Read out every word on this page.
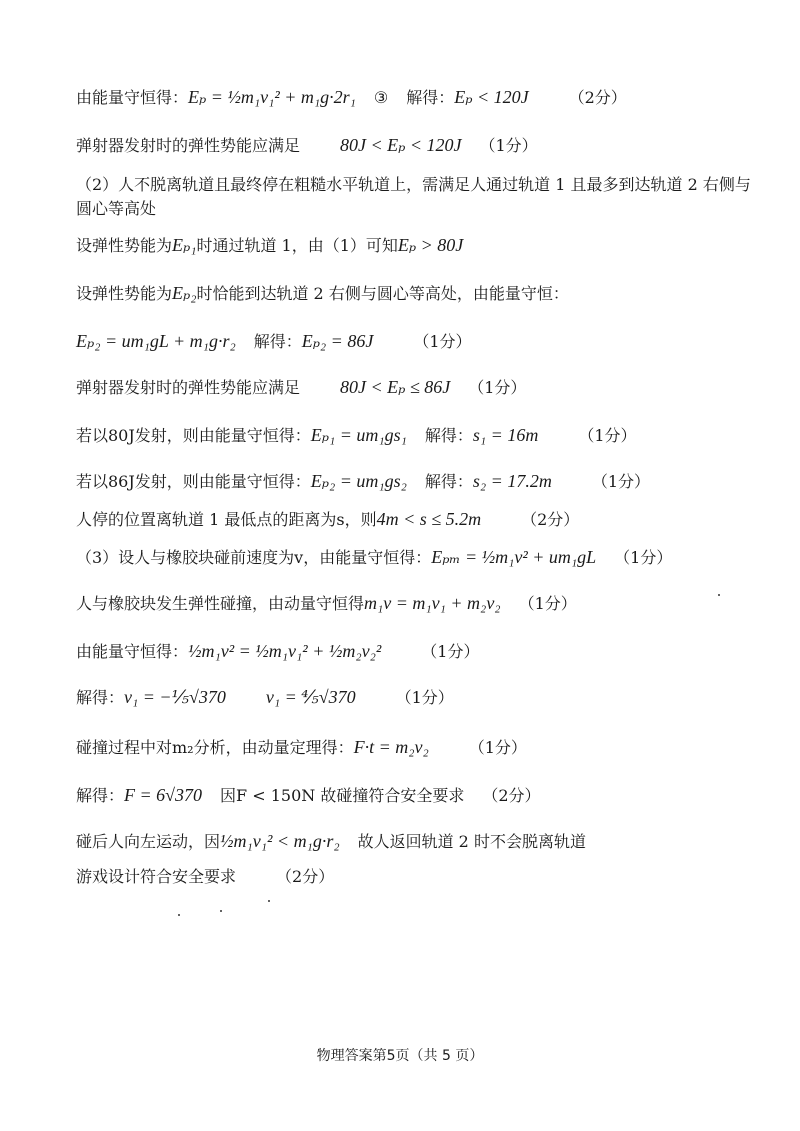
由能量守恒得：Eₚ = ½m₁v₁² + m₁g·2r₁ ③ 解得：Eₚ < 120J	（2分）
弹射器发射时的弹性势能应满足 80J < Eₚ < 120J （1分）
（2）人不脱离轨道且最终停在粗糙水平轨道上，需满足人通过轨道 1 且最多到达轨道 2 右侧与
圆心等高处
设弹性势能为Eₚ₁时通过轨道 1，由（1）可知Eₚ > 80J
设弹性势能为Eₚ₂时恰能到达轨道 2 右侧与圆心等高处，由能量守恒：
Eₚ₂ = um₁gL + m₁g·r₂ 解得：Eₚ₂ = 86J	（1分）
弹射器发射时的弹性势能应满足 80J < Eₚ ≤ 86J （1分）
若以80J发射，则由能量守恒得：Eₚ₁ = um₁gs₁ 解得：s₁ = 16m	（1分）
若以86J发射，则由能量守恒得：Eₚ₂ = um₁gs₂ 解得：s₂ = 17.2m	（1分）
人停的位置离轨道 1 最低点的距离为s，则4m < s ≤ 5.2m	（2分）
（3）设人与橡胶块碰前速度为v，由能量守恒得：Eₚₘ = ½m₁v² + um₁gL （1分）
人与橡胶块发生弹性碰撞，由动量守恒得m₁v = m₁v₁ + m₂v₂ （1分）
由能量守恒得：½m₁v² = ½m₁v₁² + ½m₂v₂²	（1分）
解得：v₁ = −⅕√370 v₁ = ⅘√370	（1分）
碰撞过程中对m₂分析，由动量定理得：F·t = m₂v₂	（1分）
解得：F = 6√370 因F < 150N 故碰撞符合安全要求 （2分）
碰后人向左运动，因½m₁v₁² < m₁g·r₂ 故人返回轨道 2 时不会脱离轨道
游戏设计符合安全要求	（2分）
物理答案第5页（共 5 页）
